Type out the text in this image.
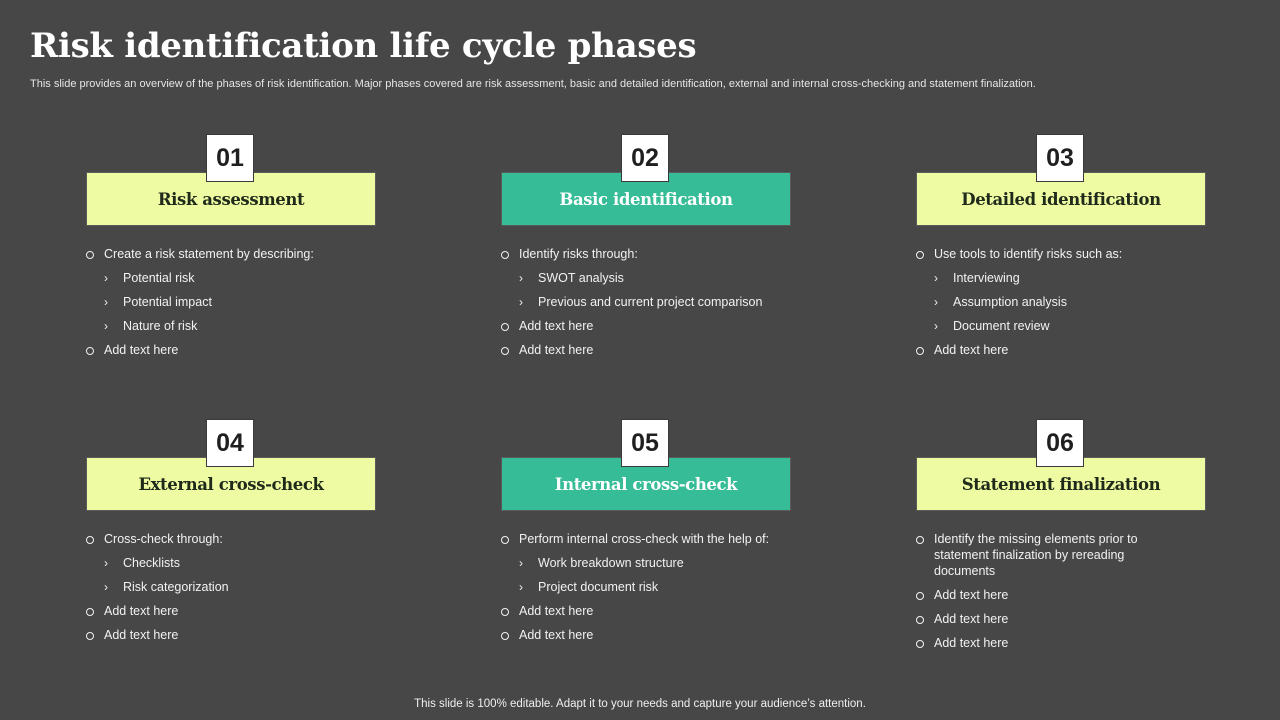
Risk identification life cycle phases
This slide provides an overview of the phases of risk identification. Major phases covered are risk assessment, basic and detailed identification, external and internal cross-checking and statement finalization.
01
Risk assessment
Create a risk statement by describing:
› Potential risk
› Potential impact
› Nature of risk
Add text here
02
Basic identification
Identify risks through:
› SWOT analysis
› Previous and current project comparison
Add text here
Add text here
03
Detailed identification
Use tools to identify risks such as:
› Interviewing
› Assumption analysis
› Document review
Add text here
04
External cross-check
Cross-check through:
› Checklists
› Risk categorization
Add text here
Add text here
05
Internal cross-check
Perform internal cross-check with the help of:
› Work breakdown structure
› Project document risk
Add text here
Add text here
06
Statement finalization
Identify the missing elements prior to statement finalization by rereading documents
Add text here
Add text here
Add text here
This slide is 100% editable. Adapt it to your needs and capture your audience’s attention.
